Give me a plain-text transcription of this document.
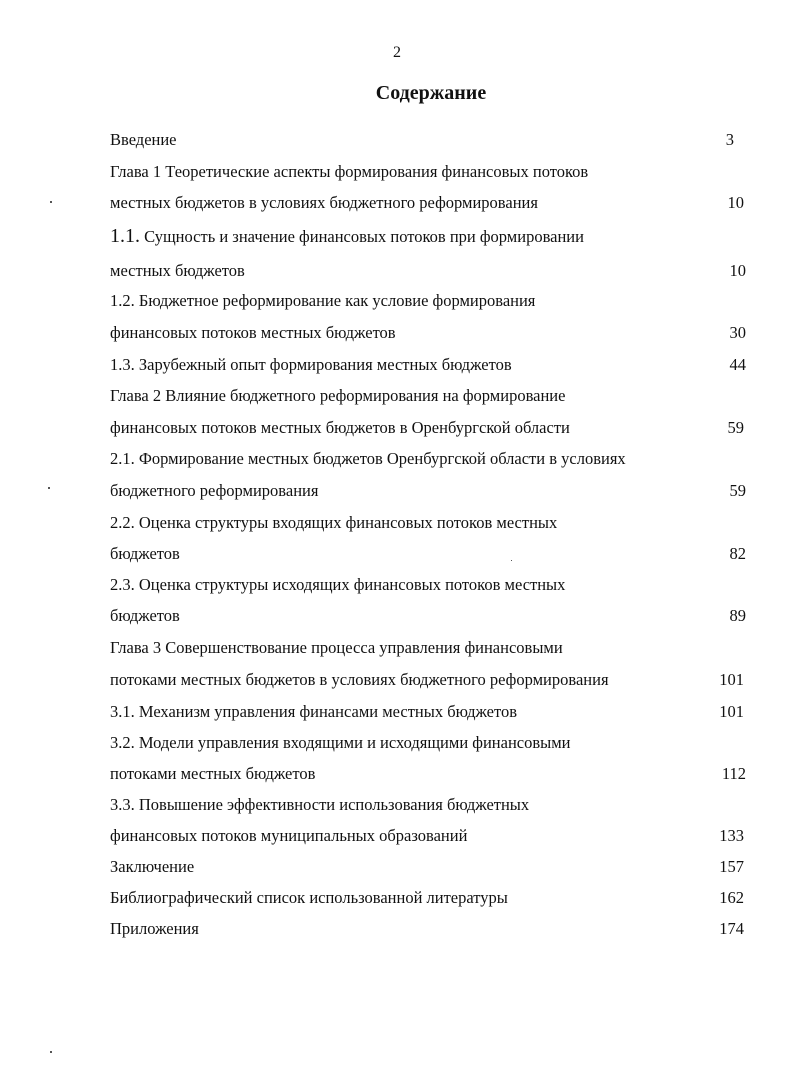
2
Содержание
Введение	3
Глава 1 Теоретические аспекты формирования финансовых потоков
местных бюджетов в условиях бюджетного реформирования	10
1.1. Сущность и значение финансовых потоков при формировании
местных бюджетов	10
1.2. Бюджетное реформирование как условие формирования
финансовых потоков местных бюджетов	30
1.3. Зарубежный опыт формирования местных бюджетов	44
Глава 2 Влияние бюджетного реформирования на формирование
финансовых потоков местных бюджетов в Оренбургской области	59
2.1. Формирование местных бюджетов Оренбургской области в условиях
бюджетного реформирования	59
2.2. Оценка структуры входящих финансовых потоков местных
бюджетов	82
2.3. Оценка структуры исходящих финансовых потоков местных
бюджетов	89
Глава 3 Совершенствование процесса управления финансовыми
потоками местных бюджетов в условиях бюджетного реформирования	101
3.1. Механизм управления финансами местных бюджетов	101
3.2. Модели управления входящими и исходящими финансовыми
потоками местных бюджетов	112
3.3. Повышение эффективности использования бюджетных
финансовых потоков муниципальных образований	133
Заключение	157
Библиографический список использованной литературы	162
Приложения	174
